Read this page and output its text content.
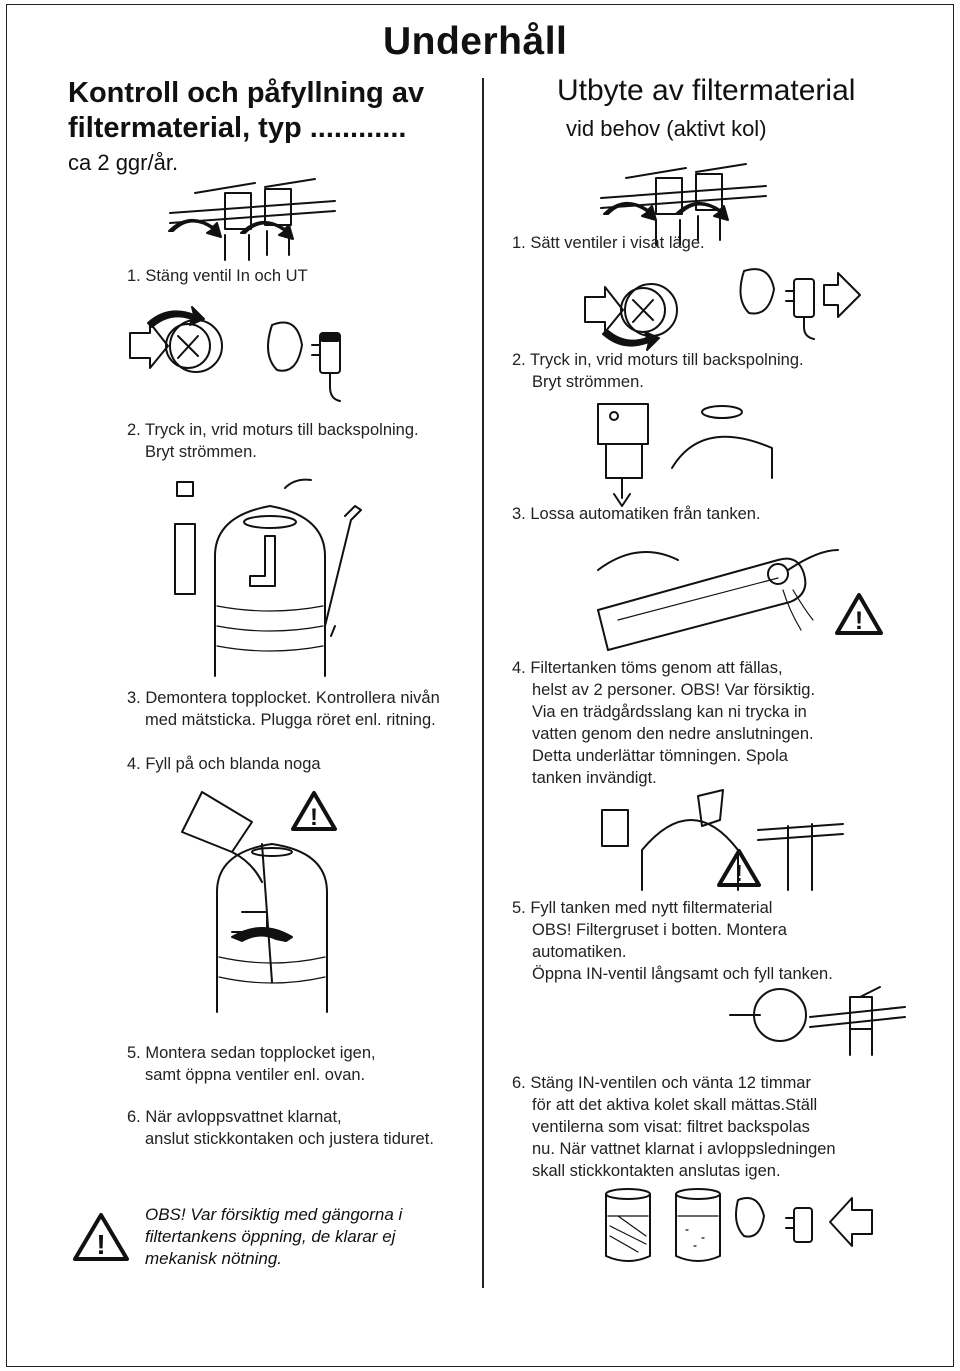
Underhåll
Kontroll och påfyllning av
filtermaterial, typ ............
ca 2 ggr/år.
1. Stäng ventil In och UT
2. Tryck in, vrid moturs till backspolning.
Bryt strömmen.
3. Demontera topplocket. Kontrollera nivån
med mätsticka. Plugga röret enl. ritning.
4. Fyll på och blanda noga
!
5. Montera sedan topplocket igen,
samt öppna ventiler enl. ovan.
6. När avloppsvattnet klarnat,
anslut stickkontaken och justera tiduret.
!
OBS! Var försiktig med gängorna i
filtertankens öppning, de klarar ej
mekanisk nötning.
Utbyte av filtermaterial
vid behov (aktivt kol)
1. Sätt ventiler i visat läge.
2. Tryck in, vrid moturs till backspolning.
Bryt strömmen.
3. Lossa automatiken från tanken.
!
4. Filtertanken töms genom att fällas,
helst av 2 personer. OBS! Var försiktig.
Via en trädgårdsslang kan ni trycka in
vatten genom den nedre anslutningen.
Detta underlättar tömningen. Spola
tanken invändigt.
!
5. Fyll tanken med nytt filtermaterial
OBS! Filtergruset i botten. Montera
automatiken.
Öppna IN-ventil långsamt och fyll tanken.
6. Stäng IN-ventilen och vänta 12 timmar
för att det aktiva kolet skall mättas.Ställ
ventilerna som visat: filtret backspolas
nu. När vattnet klarnat i avloppsledningen
skall stickkontakten anslutas igen.
